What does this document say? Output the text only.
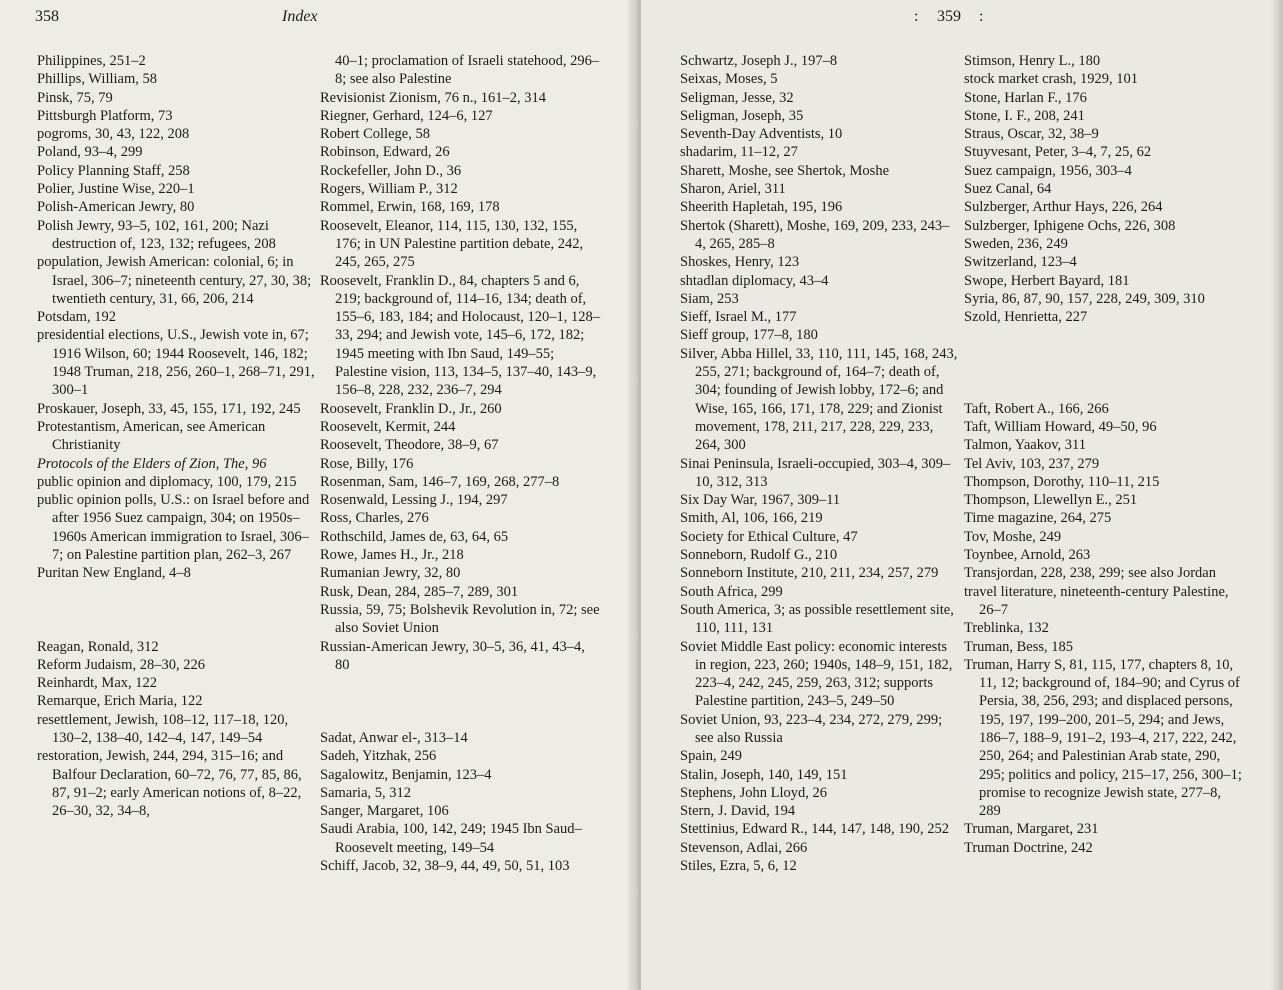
358	Index
Philippines, 251–2
Phillips, William, 58
Pinsk, 75, 79
Pittsburgh Platform, 73
pogroms, 30, 43, 122, 208
Poland, 93–4, 299
Policy Planning Staff, 258
Polier, Justine Wise, 220–1
Polish-American Jewry, 80
Polish Jewry, 93–5, 102, 161, 200; Nazi destruction of, 123, 132; refugees, 208
population, Jewish American: colonial, 6; in Israel, 306–7; nineteenth century, 27, 30, 38; twentieth century, 31, 66, 206, 214
Potsdam, 192
presidential elections, U.S., Jewish vote in, 67; 1916 Wilson, 60; 1944 Roosevelt, 146, 182; 1948 Truman, 218, 256, 260–1, 268–71, 291, 300–1
Proskauer, Joseph, 33, 45, 155, 171, 192, 245
Protestantism, American, see American Christianity
Protocols of the Elders of Zion, The, 96
public opinion and diplomacy, 100, 179, 215
public opinion polls, U.S.: on Israel before and after 1956 Suez campaign, 304; on 1950s–1960s American immigration to Israel, 306–7; on Palestine partition plan, 262–3, 267
Puritan New England, 4–8
Reagan, Ronald, 312
Reform Judaism, 28–30, 226
Reinhardt, Max, 122
Remarque, Erich Maria, 122
resettlement, Jewish, 108–12, 117–18, 120, 130–2, 138–40, 142–4, 147, 149–54
restoration, Jewish, 244, 294, 315–16; and Balfour Declaration, 60–72, 76, 77, 85, 86, 87, 91–2; early American notions of, 8–22, 26–30, 32, 34–8,
40–1; proclamation of Israeli statehood, 296–8; see also Palestine
Revisionist Zionism, 76 n., 161–2, 314
Riegner, Gerhard, 124–6, 127
Robert College, 58
Robinson, Edward, 26
Rockefeller, John D., 36
Rogers, William P., 312
Rommel, Erwin, 168, 169, 178
Roosevelt, Eleanor, 114, 115, 130, 132, 155, 176; in UN Palestine partition debate, 242, 245, 265, 275
Roosevelt, Franklin D., 84, chapters 5 and 6, 219; background of, 114–16, 134; death of, 155–6, 183, 184; and Holocaust, 120–1, 128–33, 294; and Jewish vote, 145–6, 172, 182; 1945 meeting with Ibn Saud, 149–55; Palestine vision, 113, 134–5, 137–40, 143–9, 156–8, 228, 232, 236–7, 294
Roosevelt, Franklin D., Jr., 260
Roosevelt, Kermit, 244
Roosevelt, Theodore, 38–9, 67
Rose, Billy, 176
Rosenman, Sam, 146–7, 169, 268, 277–8
Rosenwald, Lessing J., 194, 297
Ross, Charles, 276
Rothschild, James de, 63, 64, 65
Rowe, James H., Jr., 218
Rumanian Jewry, 32, 80
Rusk, Dean, 284, 285–7, 289, 301
Russia, 59, 75; Bolshevik Revolution in, 72; see also Soviet Union
Russian-American Jewry, 30–5, 36, 41, 43–4, 80
Sadat, Anwar el-, 313–14
Sadeh, Yitzhak, 256
Sagalowitz, Benjamin, 123–4
Samaria, 5, 312
Sanger, Margaret, 106
Saudi Arabia, 100, 142, 249; 1945 Ibn Saud–Roosevelt meeting, 149–54
Schiff, Jacob, 32, 38–9, 44, 49, 50, 51, 103
: 359 :
Schwartz, Joseph J., 197–8
Seixas, Moses, 5
Seligman, Jesse, 32
Seligman, Joseph, 35
Seventh-Day Adventists, 10
shadarim, 11–12, 27
Sharett, Moshe, see Shertok, Moshe
Sharon, Ariel, 311
Sheerith Hapletah, 195, 196
Shertok (Sharett), Moshe, 169, 209, 233, 243–4, 265, 285–8
Shoskes, Henry, 123
shtadlan diplomacy, 43–4
Siam, 253
Sieff, Israel M., 177
Sieff group, 177–8, 180
Silver, Abba Hillel, 33, 110, 111, 145, 168, 243, 255, 271; background of, 164–7; death of, 304; founding of Jewish lobby, 172–6; and Wise, 165, 166, 171, 178, 229; and Zionist movement, 178, 211, 217, 228, 229, 233, 264, 300
Sinai Peninsula, Israeli-occupied, 303–4, 309–10, 312, 313
Six Day War, 1967, 309–11
Smith, Al, 106, 166, 219
Society for Ethical Culture, 47
Sonneborn, Rudolf G., 210
Sonneborn Institute, 210, 211, 234, 257, 279
South Africa, 299
South America, 3; as possible resettlement site, 110, 111, 131
Soviet Middle East policy: economic interests in region, 223, 260; 1940s, 148–9, 151, 182, 223–4, 242, 245, 259, 263, 312; supports Palestine partition, 243–5, 249–50
Soviet Union, 93, 223–4, 234, 272, 279, 299; see also Russia
Spain, 249
Stalin, Joseph, 140, 149, 151
Stephens, John Lloyd, 26
Stern, J. David, 194
Stettinius, Edward R., 144, 147, 148, 190, 252
Stevenson, Adlai, 266
Stiles, Ezra, 5, 6, 12
Stimson, Henry L., 180
stock market crash, 1929, 101
Stone, Harlan F., 176
Stone, I. F., 208, 241
Straus, Oscar, 32, 38–9
Stuyvesant, Peter, 3–4, 7, 25, 62
Suez campaign, 1956, 303–4
Suez Canal, 64
Sulzberger, Arthur Hays, 226, 264
Sulzberger, Iphigene Ochs, 226, 308
Sweden, 236, 249
Switzerland, 123–4
Swope, Herbert Bayard, 181
Syria, 86, 87, 90, 157, 228, 249, 309, 310
Szold, Henrietta, 227
Taft, Robert A., 166, 266
Taft, William Howard, 49–50, 96
Talmon, Yaakov, 311
Tel Aviv, 103, 237, 279
Thompson, Dorothy, 110–11, 215
Thompson, Llewellyn E., 251
Time magazine, 264, 275
Tov, Moshe, 249
Toynbee, Arnold, 263
Transjordan, 228, 238, 299; see also Jordan
travel literature, nineteenth-century Palestine, 26–7
Treblinka, 132
Truman, Bess, 185
Truman, Harry S, 81, 115, 177, chapters 8, 10, 11, 12; background of, 184–90; and Cyrus of Persia, 38, 256, 293; and displaced persons, 195, 197, 199–200, 201–5, 294; and Jews, 186–7, 188–9, 191–2, 193–4, 217, 222, 242, 250, 264; and Palestinian Arab state, 290, 295; politics and policy, 215–17, 256, 300–1; promise to recognize Jewish state, 277–8, 289
Truman, Margaret, 231
Truman Doctrine, 242
